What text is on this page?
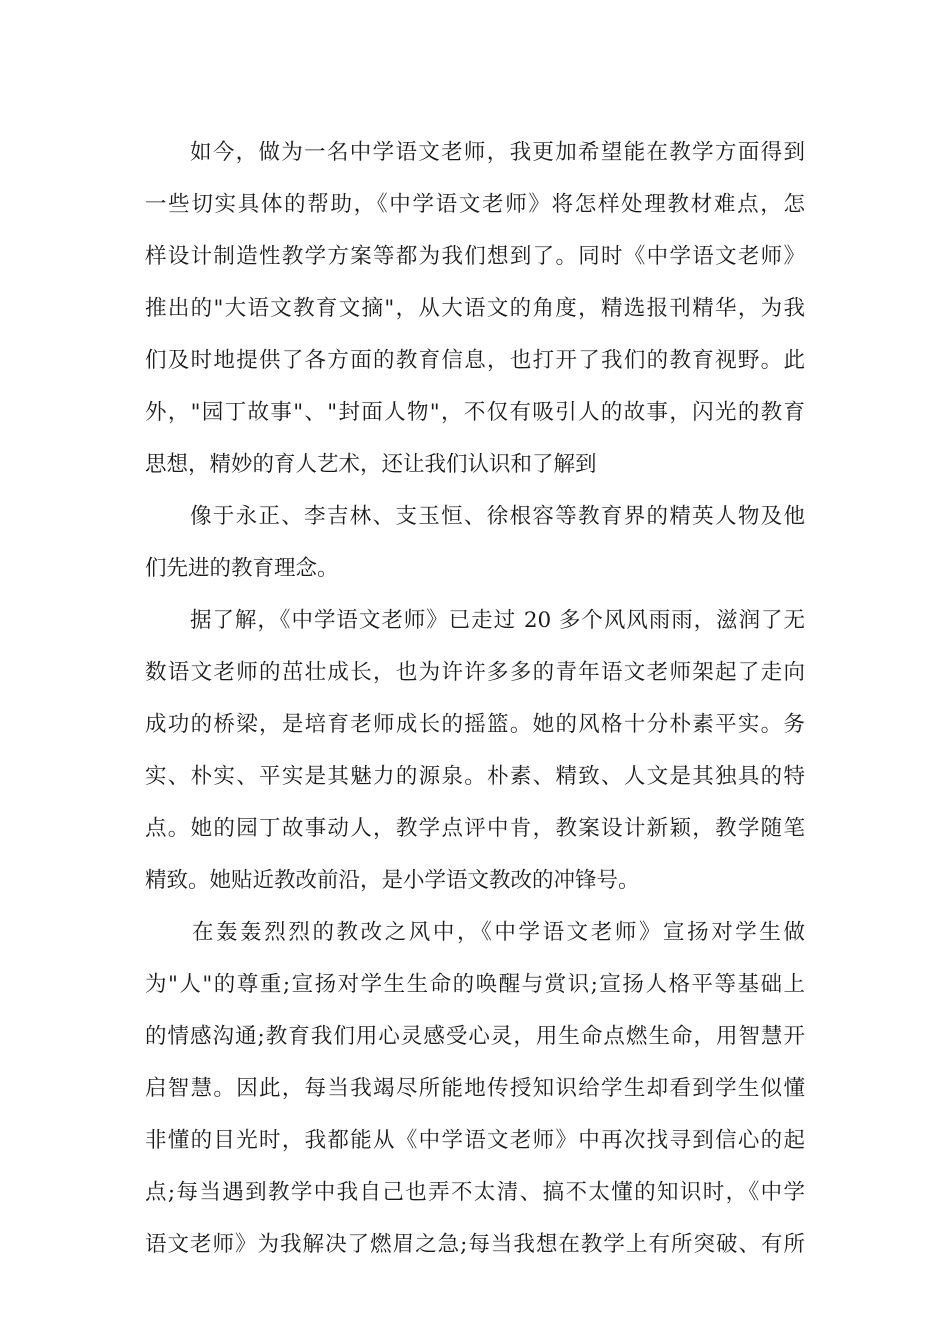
如今，做为一名中学语文老师，我更加希望能在教学方面得到
一些切实具体的帮助，《中学语文老师》将怎样处理教材难点，怎
样设计制造性教学方案等都为我们想到了。同时《中学语文老师》
推出的"大语文教育文摘"，从大语文的角度，精选报刊精华，为我
们及时地提供了各方面的教育信息，也打开了我们的教育视野。此
外，"园丁故事"、"封面人物"，不仅有吸引人的故事，闪光的教育
思想，精妙的育人艺术，还让我们认识和了解到
像于永正、李吉林、支玉恒、徐根容等教育界的精英人物及他
们先进的教育理念。
据了解，《中学语文老师》已走过 20 多个风风雨雨，滋润了无
数语文老师的茁壮成长，也为许许多多的青年语文老师架起了走向
成功的桥梁，是培育老师成长的摇篮。她的风格十分朴素平实。务
实、朴实、平实是其魅力的源泉。朴素、精致、人文是其独具的特
点。她的园丁故事动人，教学点评中肯，教案设计新颖，教学随笔
精致。她贴近教改前沿，是小学语文教改的冲锋号。
在轰轰烈烈的教改之风中，《中学语文老师》宣扬对学生做
为"人"的尊重;宣扬对学生生命的唤醒与赏识;宣扬人格平等基础上
的情感沟通;教育我们用心灵感受心灵，用生命点燃生命，用智慧开
启智慧。因此，每当我竭尽所能地传授知识给学生却看到学生似懂
非懂的目光时，我都能从《中学语文老师》中再次找寻到信心的起
点;每当遇到教学中我自己也弄不太清、搞不太懂的知识时，《中学
语文老师》为我解决了燃眉之急;每当我想在教学上有所突破、有所
